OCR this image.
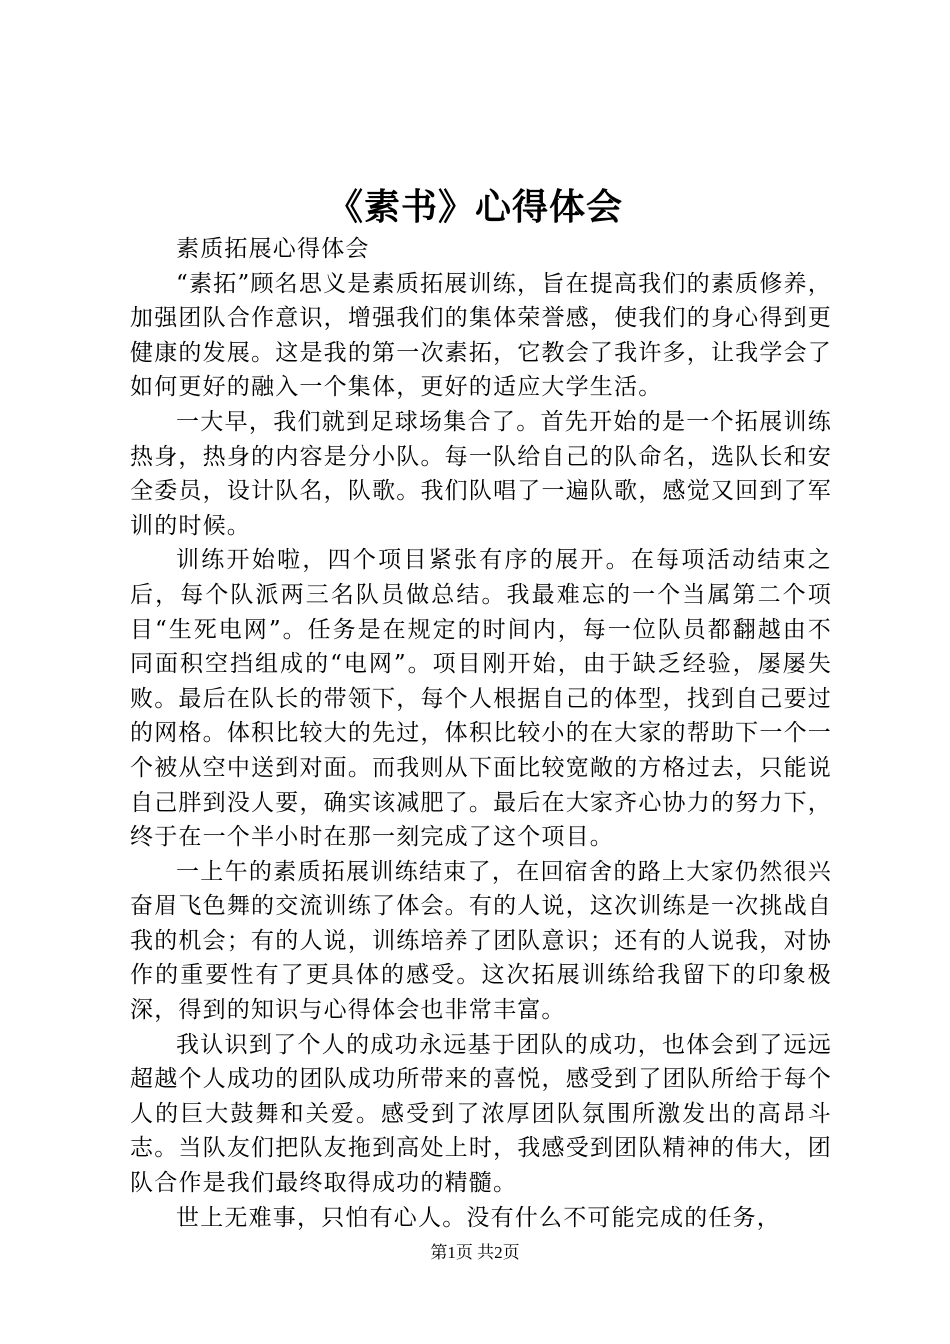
《素书》心得体会

素质拓展心得体会

“素拓”顾名思义是素质拓展训练，旨在提高我们的素质修养，加强团队合作意识，增强我们的集体荣誉感，使我们的身心得到更健康的发展。这是我的第一次素拓，它教会了我许多，让我学会了如何更好的融入一个集体，更好的适应大学生活。

一大早，我们就到足球场集合了。首先开始的是一个拓展训练热身，热身的内容是分小队。每一队给自己的队命名，选队长和安全委员，设计队名，队歌。我们队唱了一遍队歌，感觉又回到了军训的时候。

训练开始啦，四个项目紧张有序的展开。在每项活动结束之后，每个队派两三名队员做总结。我最难忘的一个当属第二个项目“生死电网”。任务是在规定的时间内，每一位队员都翻越由不同面积空挡组成的“电网”。项目刚开始，由于缺乏经验，屡屡失败。最后在队长的带领下，每个人根据自己的体型，找到自己要过的网格。体积比较大的先过，体积比较小的在大家的帮助下一个一个被从空中送到对面。而我则从下面比较宽敞的方格过去，只能说自己胖到没人要，确实该减肥了。最后在大家齐心协力的努力下，终于在一个半小时在那一刻完成了这个项目。

一上午的素质拓展训练结束了，在回宿舍的路上大家仍然很兴奋眉飞色舞的交流训练了体会。有的人说，这次训练是一次挑战自我的机会；有的人说，训练培养了团队意识；还有的人说我，对协作的重要性有了更具体的感受。这次拓展训练给我留下的印象极深，得到的知识与心得体会也非常丰富。

我认识到了个人的成功永远基于团队的成功，也体会到了远远超越个人成功的团队成功所带来的喜悦，感受到了团队所给于每个人的巨大鼓舞和关爱。感受到了浓厚团队氛围所激发出的高昂斗志。当队友们把队友拖到高处上时，我感受到团队精神的伟大，团队合作是我们最终取得成功的精髓。

世上无难事，只怕有心人。没有什么不可能完成的任务，

第1页 共2页
